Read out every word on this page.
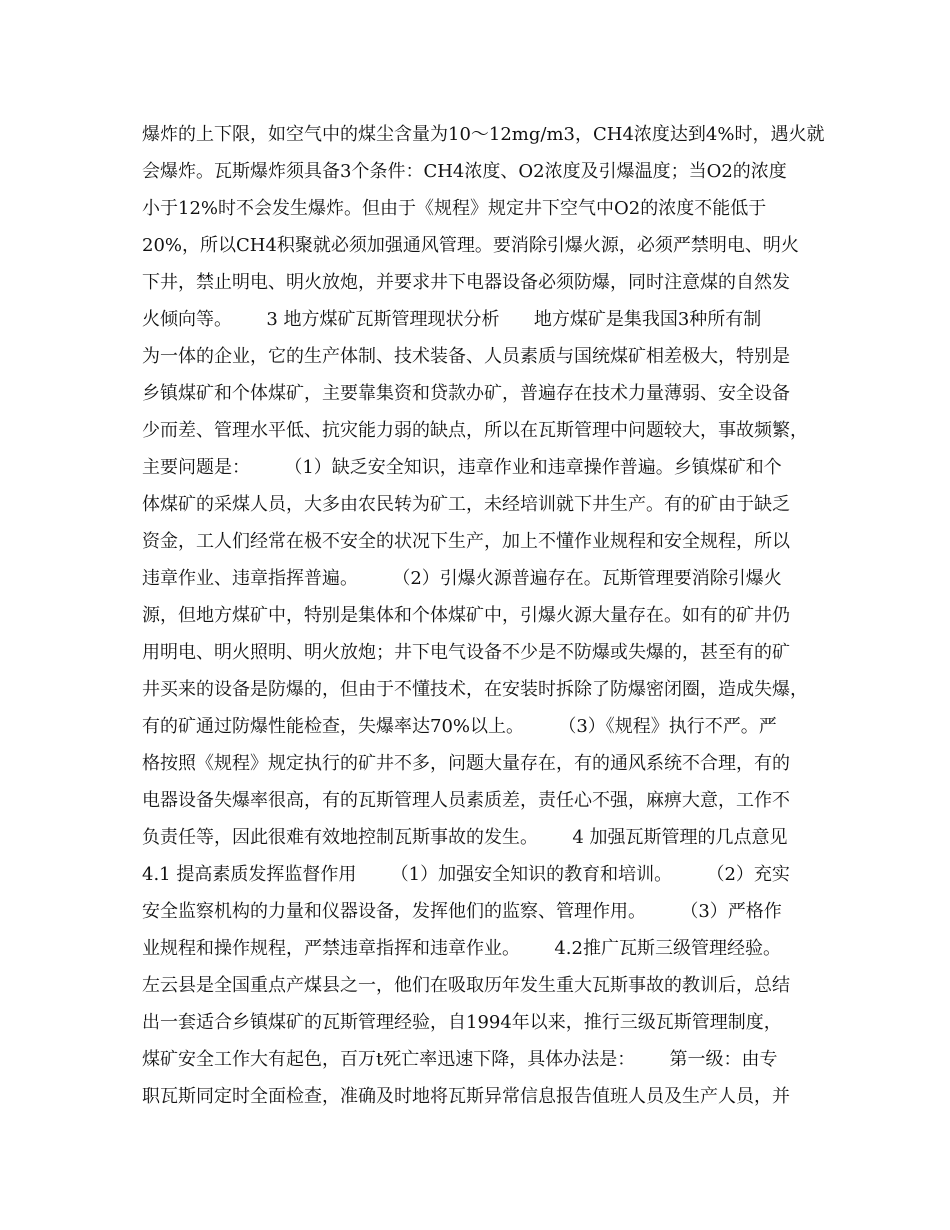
爆炸的上下限，如空气中的煤尘含量为10～12mg/m3，CH4浓度达到4%时，遇火就
会爆炸。瓦斯爆炸须具备3个条件：CH4浓度、O2浓度及引爆温度；当O2的浓度
小于12%时不会发生爆炸。但由于《规程》规定井下空气中O2的浓度不能低于
20%，所以CH4积聚就必须加强通风管理。要消除引爆火源，必须严禁明电、明火
下井，禁止明电、明火放炮，并要求井下电器设备必须防爆，同时注意煤的自然发
火倾向等。      3 地方煤矿瓦斯管理现状分析      地方煤矿是集我国3种所有制
为一体的企业，它的生产体制、技术装备、人员素质与国统煤矿相差极大，特别是
乡镇煤矿和个体煤矿，主要靠集资和贷款办矿，普遍存在技术力量薄弱、安全设备
少而差、管理水平低、抗灾能力弱的缺点，所以在瓦斯管理中问题较大，事故频繁，
主要问题是：      （1）缺乏安全知识，违章作业和违章操作普遍。乡镇煤矿和个
体煤矿的采煤人员，大多由农民转为矿工，未经培训就下井生产。有的矿由于缺乏
资金，工人们经常在极不安全的状况下生产，加上不懂作业规程和安全规程，所以
违章作业、违章指挥普遍。      （2）引爆火源普遍存在。瓦斯管理要消除引爆火
源，但地方煤矿中，特别是集体和个体煤矿中，引爆火源大量存在。如有的矿井仍
用明电、明火照明、明火放炮；井下电气设备不少是不防爆或失爆的，甚至有的矿
井买来的设备是防爆的，但由于不懂技术，在安装时拆除了防爆密闭圈，造成失爆，
有的矿通过防爆性能检查，失爆率达70%以上。      （3）《规程》执行不严。严
格按照《规程》规定执行的矿井不多，问题大量存在，有的通风系统不合理，有的
电器设备失爆率很高，有的瓦斯管理人员素质差，责任心不强，麻痹大意，工作不
负责任等，因此很难有效地控制瓦斯事故的发生。      4 加强瓦斯管理的几点意见
4.1 提高素质发挥监督作用      （1）加强安全知识的教育和培训。      （2）充实
安全监察机构的力量和仪器设备，发挥他们的监察、管理作用。      （3）严格作
业规程和操作规程，严禁违章指挥和违章作业。      4.2推广瓦斯三级管理经验。
左云县是全国重点产煤县之一，他们在吸取历年发生重大瓦斯事故的教训后，总结
出一套适合乡镇煤矿的瓦斯管理经验，自1994年以来，推行三级瓦斯管理制度，
煤矿安全工作大有起色，百万t死亡率迅速下降，具体办法是：      第一级：由专
职瓦斯同定时全面检查，准确及时地将瓦斯异常信息报告值班人员及生产人员，并
